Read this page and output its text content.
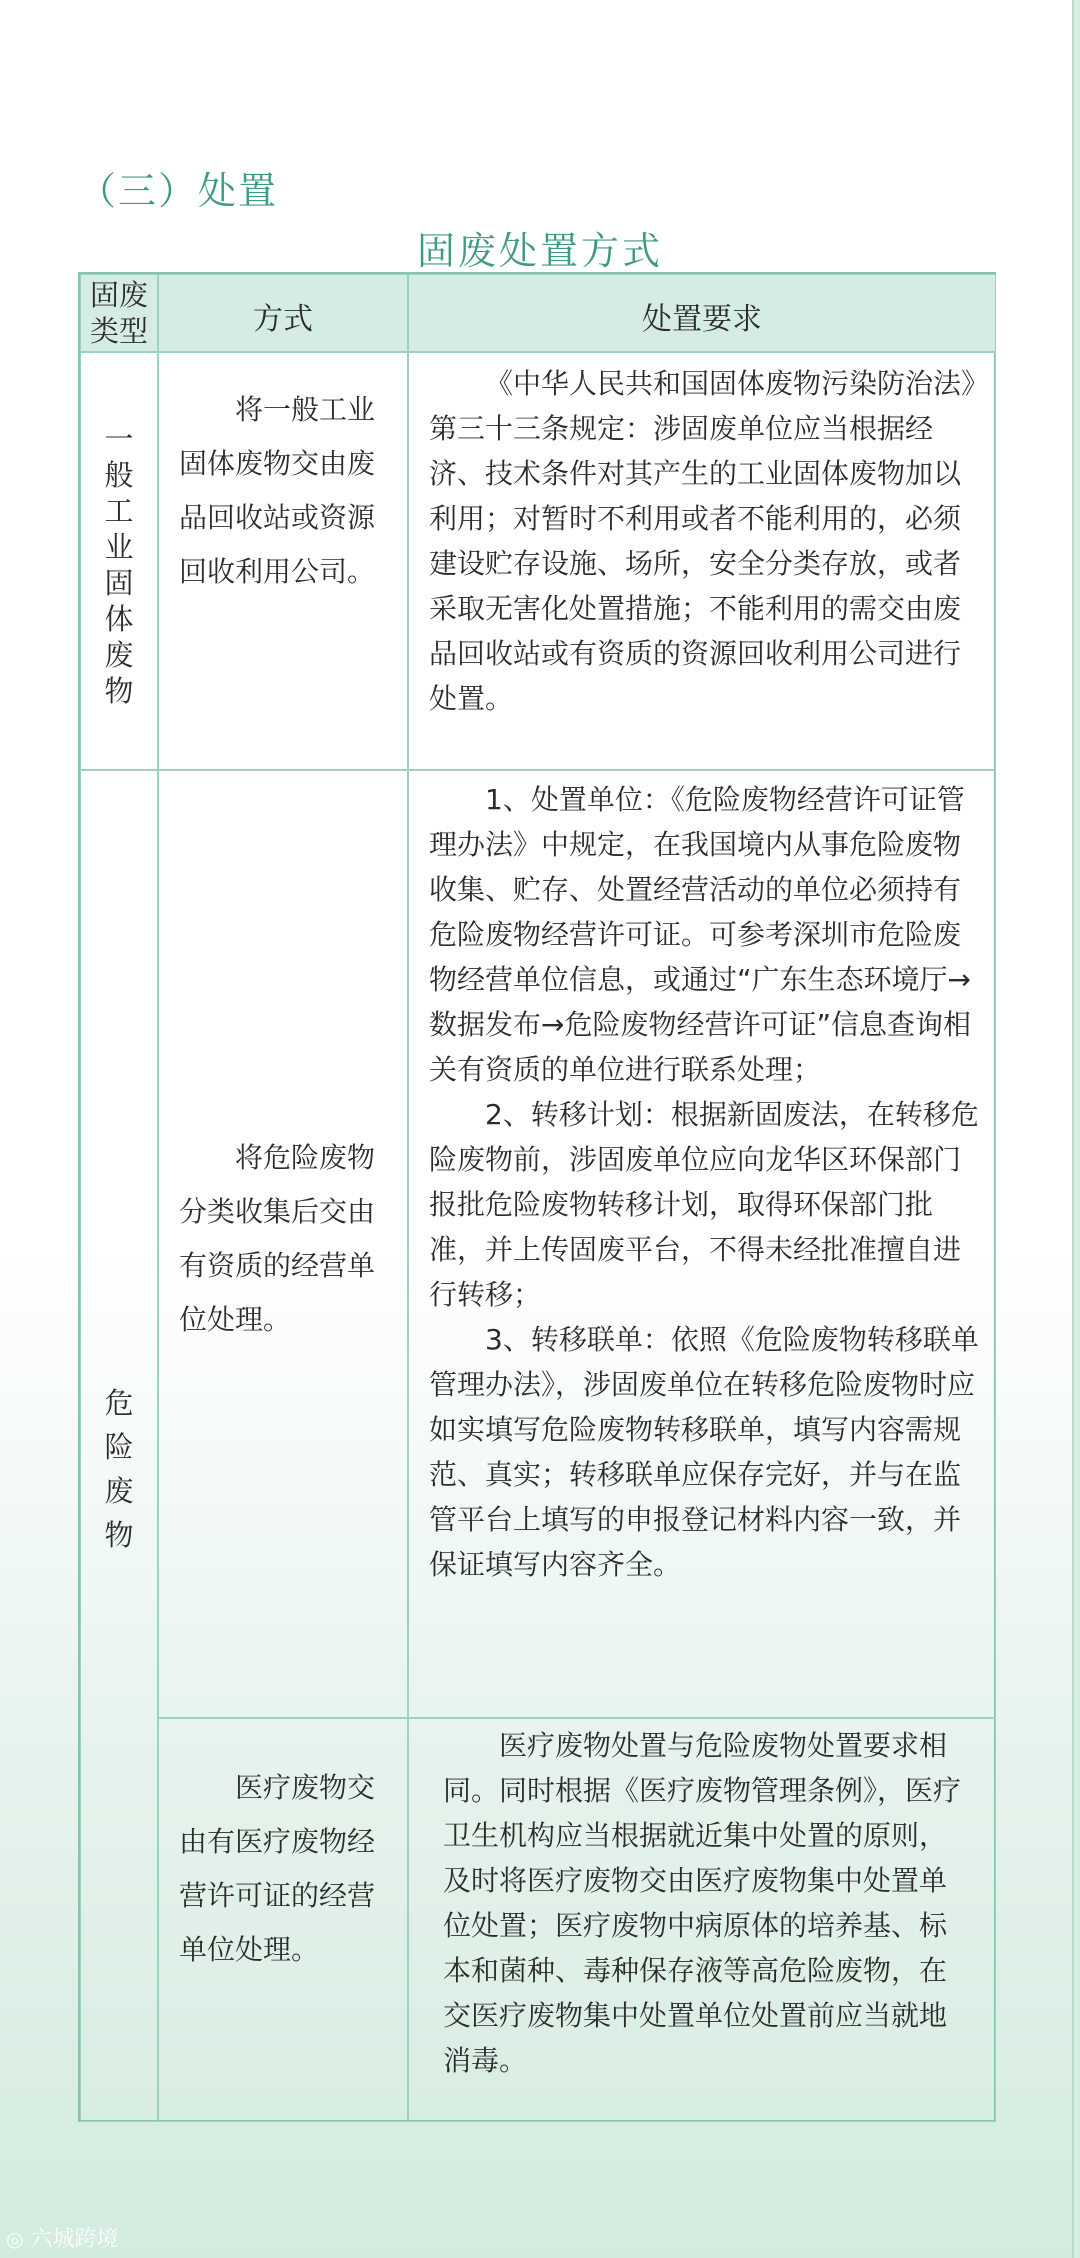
（三）处置
固废处置方式
固废
类型	方式	处置要求
一
般
工
业
固
体
废
物
将一般工业固体废物交由废品回收站或资源回收利用公司。
《中华人民共和国固体废物污染防治法》第三十三条规定：涉固废单位应当根据经济、技术条件对其产生的工业固体废物加以利用；对暂时不利用或者不能利用的，必须建设贮存设施、场所，安全分类存放，或者采取无害化处置措施；不能利用的需交由废品回收站或有资质的资源回收利用公司进行处置。
危
险
废
物
将危险废物分类收集后交由有资质的经营单位处理。
1、处置单位：《危险废物经营许可证管理办法》中规定，在我国境内从事危险废物收集、贮存、处置经营活动的单位必须持有危险废物经营许可证。可参考深圳市危险废物经营单位信息，或通过“广东生态环境厅→数据发布→危险废物经营许可证”信息查询相关有资质的单位进行联系处理；
2、转移计划：根据新固废法，在转移危险废物前，涉固废单位应向龙华区环保部门报批危险废物转移计划，取得环保部门批准，并上传固废平台，不得未经批准擅自进行转移；
3、转移联单：依照《危险废物转移联单管理办法》，涉固废单位在转移危险废物时应如实填写危险废物转移联单，填写内容需规范、真实；转移联单应保存完好，并与在监管平台上填写的申报登记材料内容一致，并保证填写内容齐全。
医疗废物交由有医疗废物经营许可证的经营单位处理。
医疗废物处置与危险废物处置要求相同。同时根据《医疗废物管理条例》，医疗卫生机构应当根据就近集中处置的原则，及时将医疗废物交由医疗废物集中处置单位处置；医疗废物中病原体的培养基、标本和菌种、毒种保存液等高危险废物，在交医疗废物集中处置单位处置前应当就地消毒。
◎ 六城跨境
